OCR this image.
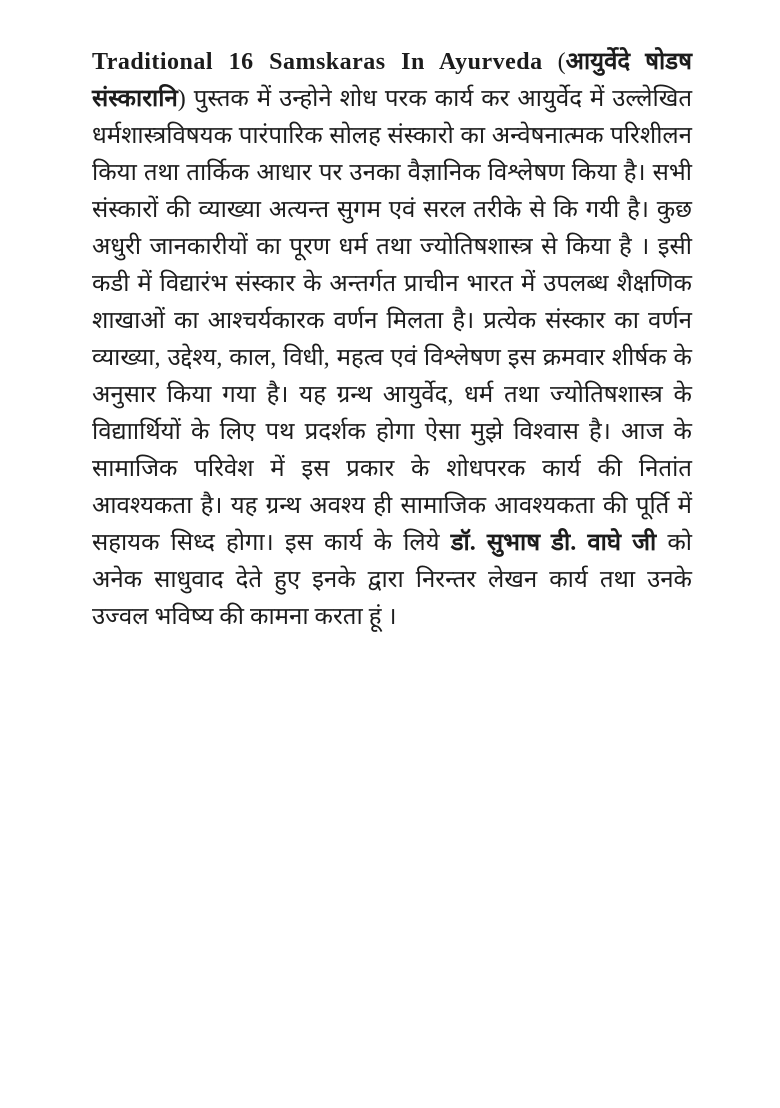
Traditional 16 Samskaras In Ayurveda (आयुर्वेदे षोडष
संस्कारानि) पुस्तक में उन्होने शोध परक कार्य कर आयुर्वेद में उल्लेखित
धर्मशास्त्रविषयक पारंपारिक सोलह संस्कारो का अन्वेषनात्मक परिशीलन
किया तथा तार्किक आधार पर उनका वैज्ञानिक विश्लेषण किया है। सभी
संस्कारों की व्याख्या अत्यन्त सुगम एवं सरल तरीके से कि गयी है। कुछ
अधुरी जानकारीयों का पूरण धर्म तथा ज्योतिषशास्त्र से किया है । इसी
कडी में विद्यारंभ संस्कार के अन्तर्गत प्राचीन भारत में उपलब्ध शैक्षणिक
शाखाओं का आश्चर्यकारक वर्णन मिलता है। प्रत्येक संस्कार का वर्णन
व्याख्या, उद्देश्य, काल, विधी, महत्व एवं विश्लेषण इस क्रमवार शीर्षक के
अनुसार किया गया है। यह ग्रन्थ आयुर्वेद, धर्म तथा ज्योतिषशास्त्र के
विद्याार्थियों के लिए पथ प्रदर्शक होगा ऐसा मुझे विश्वास है। आज के
सामाजिक परिवेश में इस प्रकार के शोधपरक कार्य की नितांत
आवश्यकता है। यह ग्रन्थ अवश्य ही सामाजिक आवश्यकता की पूर्ति में
सहायक सिध्द होगा। इस कार्य के लिये डॉ. सुभाष डी. वाघे जी को
अनेक साधुवाद देते हुए इनके द्वारा निरन्तर लेखन कार्य तथा उनके
उज्वल भविष्य की कामना करता हूं ।
